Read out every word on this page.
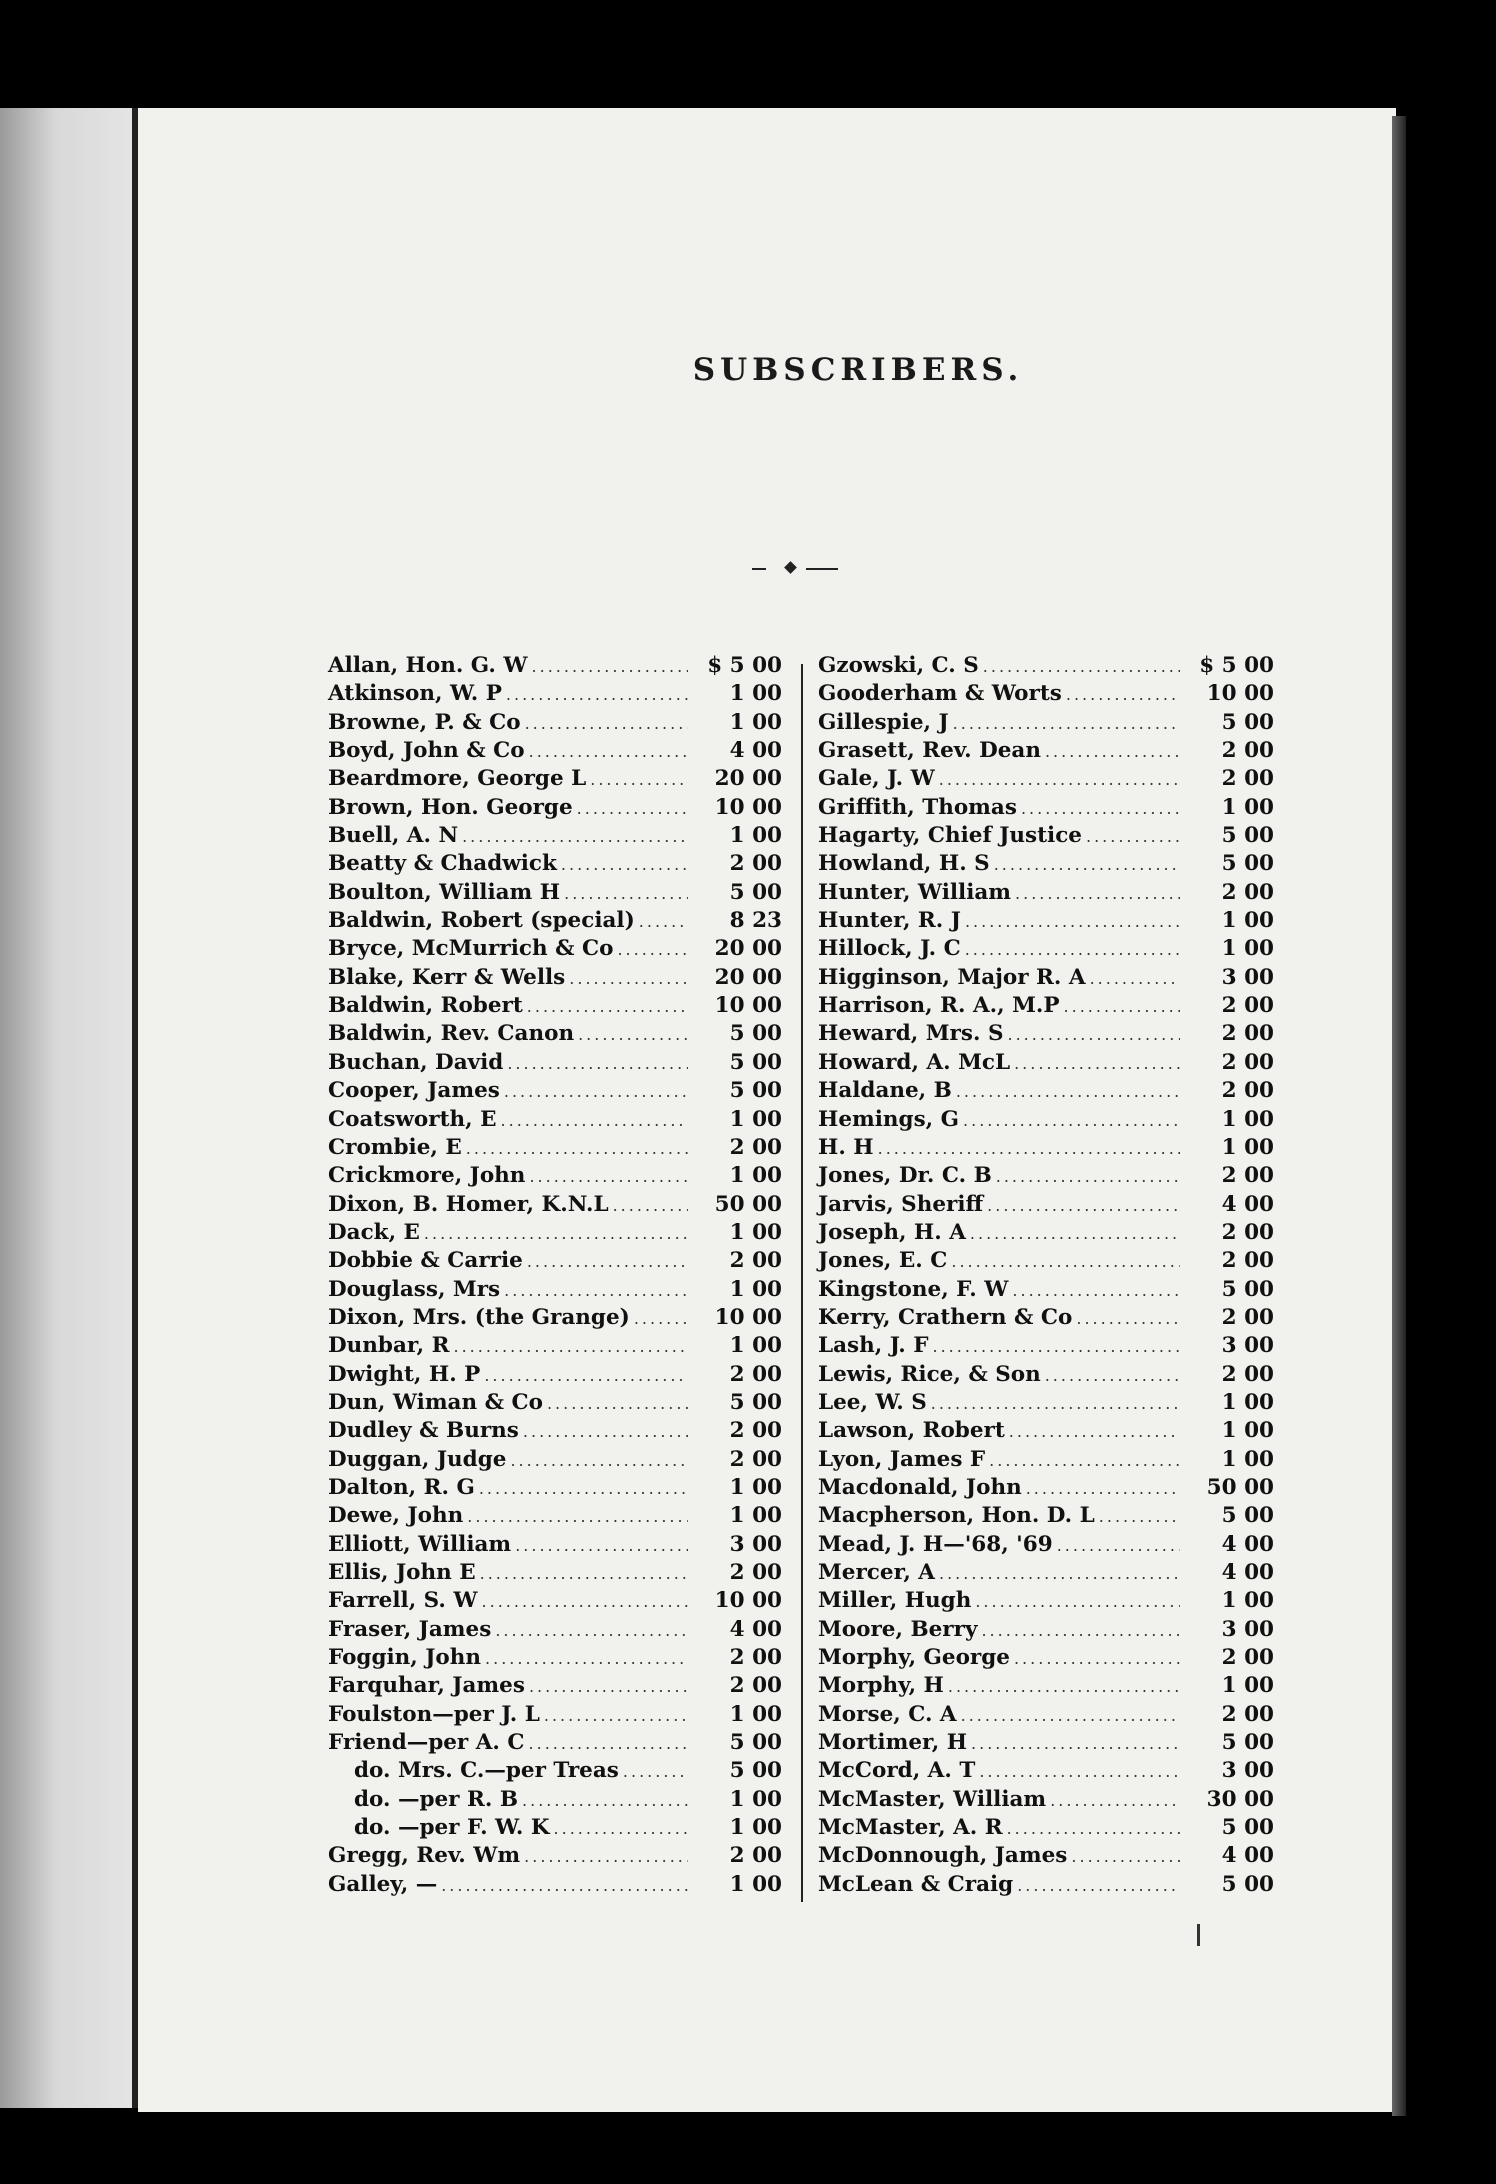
SUBSCRIBERS.
Allan, Hon. G. W .....	$ 5 00
Atkinson, W. P .....	1 00
Browne, P. & Co .....	1 00
Boyd, John & Co .....	4 00
Beardmore, George L .....	20 00
Brown, Hon. George .....	10 00
Buell, A. N .....	1 00
Beatty & Chadwick .....	2 00
Boulton, William H .....	5 00
Baldwin, Robert (special) .....	8 23
Bryce, McMurrich & Co .....	20 00
Blake, Kerr & Wells .....	20 00
Baldwin, Robert .....	10 00
Baldwin, Rev. Canon .....	5 00
Buchan, David .....	5 00
Cooper, James .....	5 00
Coatsworth, E .....	1 00
Crombie, E .....	2 00
Crickmore, John .....	1 00
Dixon, B. Homer, K.N.L .....	50 00
Dack, E .....	1 00
Dobbie & Carrie .....	2 00
Douglass, Mrs .....	1 00
Dixon, Mrs. (the Grange) .....	10 00
Dunbar, R .....	1 00
Dwight, H. P .....	2 00
Dun, Wiman & Co .....	5 00
Dudley & Burns .....	2 00
Duggan, Judge .....	2 00
Dalton, R. G .....	1 00
Dewe, John .....	1 00
Elliott, William .....	3 00
Ellis, John E .....	2 00
Farrell, S. W .....	10 00
Fraser, James .....	4 00
Foggin, John .....	2 00
Farquhar, James .....	2 00
Foulston—per J. L .....	1 00
Friend—per A. C .....	5 00
do. Mrs. C.—per Treas .....	5 00
do. —per R. B .....	1 00
do. —per F. W. K .....	1 00
Gregg, Rev. Wm .....	2 00
Galley, — .....	1 00
Gzowski, C. S .....	$ 5 00
Gooderham & Worts .....	10 00
Gillespie, J .....	5 00
Grasett, Rev. Dean .....	2 00
Gale, J. W .....	2 00
Griffith, Thomas .....	1 00
Hagarty, Chief Justice .....	5 00
Howland, H. S .....	5 00
Hunter, William .....	2 00
Hunter, R. J .....	1 00
Hillock, J. C .....	1 00
Higginson, Major R. A .....	3 00
Harrison, R. A., M.P .....	2 00
Heward, Mrs. S .....	2 00
Howard, A. McL .....	2 00
Haldane, B .....	2 00
Hemings, G .....	1 00
H. H .....	1 00
Jones, Dr. C. B .....	2 00
Jarvis, Sheriff .....	4 00
Joseph, H. A .....	2 00
Jones, E. C .....	2 00
Kingstone, F. W .....	5 00
Kerry, Crathern & Co .....	2 00
Lash, J. F .....	3 00
Lewis, Rice, & Son .....	2 00
Lee, W. S .....	1 00
Lawson, Robert .....	1 00
Lyon, James F .....	1 00
Macdonald, John .....	50 00
Macpherson, Hon. D. L .....	5 00
Mead, J. H—'68, '69 .....	4 00
Mercer, A .....	4 00
Miller, Hugh .....	1 00
Moore, Berry .....	3 00
Morphy, George .....	2 00
Morphy, H .....	1 00
Morse, C. A .....	2 00
Mortimer, H .....	5 00
McCord, A. T .....	3 00
McMaster, William .....	30 00
McMaster, A. R .....	5 00
McDonnough, James .....	4 00
McLean & Craig .....	5 00
